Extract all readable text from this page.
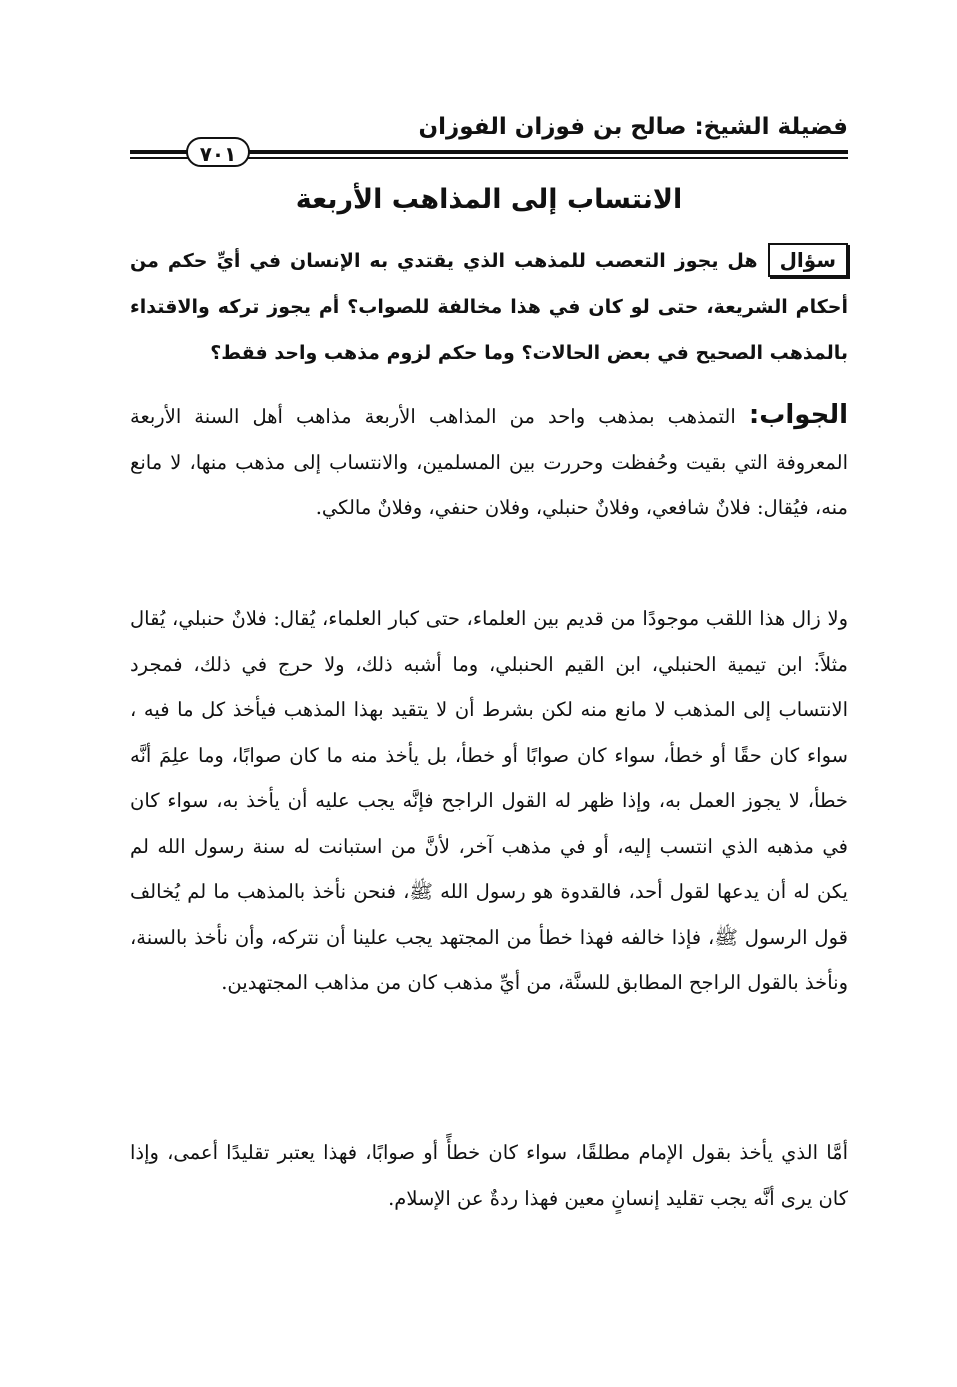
فضيلة الشيخ: صالح بن فوزان الفوزان
٧٠١
الانتساب إلى المذاهب الأربعة
سؤالهل يجوز التعصب للمذهب الذي يقتدي به الإنسان في أيِّ حكم من أحكام الشريعة، حتى لو كان في هذا مخالفة للصواب؟ أم يجوز تركه والاقتداء بالمذهب الصحيح في بعض الحالات؟ وما حكم لزوم مذهب واحد فقط؟

الجواب: التمذهب بمذهب واحد من المذاهب الأربعة مذاهب أهل السنة الأربعة المعروفة التي بقيت وحُفظت وحررت بين المسلمين، والانتساب إلى مذهب منها، لا مانع منه، فيُقال: فلانٌ شافعي، وفلانٌ حنبلي، وفلان حنفي، وفلانٌ مالكي.

ولا زال هذا اللقب موجودًا من قديم بين العلماء، حتى كبار العلماء، يُقال: فلانٌ حنبلي، يُقال مثلاً: ابن تيمية الحنبلي، ابن القيم الحنبلي، وما أشبه ذلك، ولا حرج في ذلك، فمجرد الانتساب إلى المذهب لا مانع منه لكن بشرط أن لا يتقيد بهذا المذهب فيأخذ كل ما فيه ، سواء كان حقًا أو خطأ، سواء كان صوابًا أو خطأ، بل يأخذ منه ما كان صوابًا، وما علِمَ أنَّه خطأ، لا يجوز العمل به، وإذا ظهر له القول الراجح فإنَّه يجب عليه أن يأخذ به، سواء كان في مذهبه الذي انتسب إليه، أو في مذهب آخر، لأنَّ من استبانت له سنة رسول الله لم يكن له أن يدعها لقول أحد، فالقدوة هو رسول الله ﷺ، فنحن نأخذ بالمذهب ما لم يُخالف قول الرسول ﷺ، فإذا خالفه فهذا خطأ من المجتهد يجب علينا أن نتركه، وأن نأخذ بالسنة، ونأخذ بالقول الراجح المطابق للسنَّة، من أيِّ مذهب كان من مذاهب المجتهدين.

أمَّا الذي يأخذ بقول الإمام مطلقًا، سواء كان خطأً أو صوابًا، فهذا يعتبر تقليدًا أعمى، وإذا كان يرى أنَّه يجب تقليد إنسانٍ معين فهذا ردةٌ عن الإسلام.
